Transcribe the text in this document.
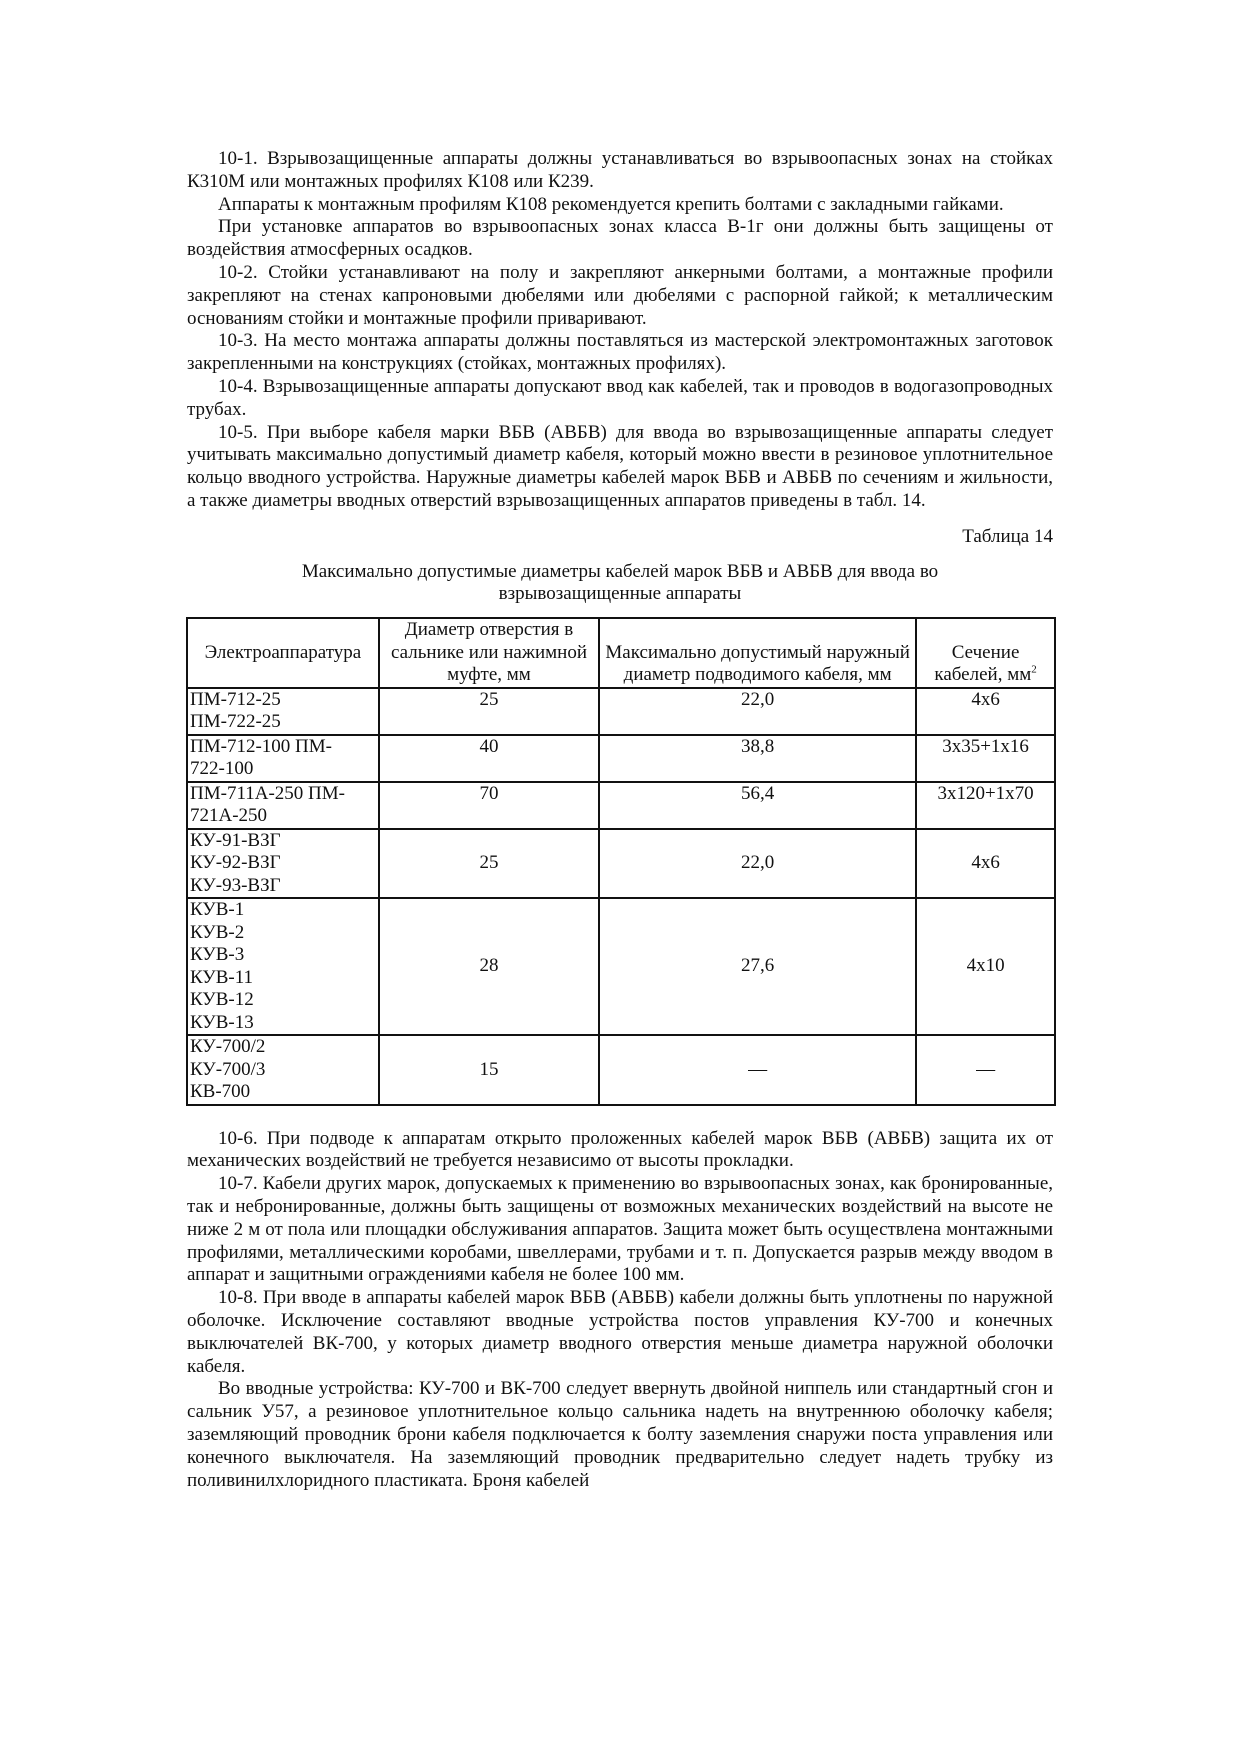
10-1. Взрывозащищенные аппараты должны устанавливаться во взрывоопасных зонах на стойках К310М или монтажных профилях К108 или К239.

Аппараты к монтажным профилям К108 рекомендуется крепить болтами с закладными гайками.

При установке аппаратов во взрывоопасных зонах класса В-1г они должны быть защищены от воздействия атмосферных осадков.

10-2. Стойки устанавливают на полу и закрепляют анкерными болтами, а монтажные профили закрепляют на стенах капроновыми дюбелями или дюбелями с распорной гайкой; к металлическим основаниям стойки и монтажные профили приваривают.

10-3. На место монтажа аппараты должны поставляться из мастерской электромонтажных заготовок закрепленными на конструкциях (стойках, монтажных профилях).

10-4. Взрывозащищенные аппараты допускают ввод как кабелей, так и проводов в водогазопроводных трубах.

10-5. При выборе кабеля марки ВБВ (АВБВ) для ввода во взрывозащищенные аппараты следует учитывать максимально допустимый диаметр кабеля, который можно ввести в резиновое уплотнительное кольцо вводного устройства. Наружные диаметры кабелей марок ВБВ и АВБВ по сечениям и жильности, а также диаметры вводных отверстий взрывозащищенных аппаратов приведены в табл. 14.

Таблица 14

Максимально допустимые диаметры кабелей марок ВБВ и АВБВ для ввода во взрывозащищенные аппараты

Электроаппаратура	Диаметр отверстия в сальнике или нажимной муфте, мм	Максимально допустимый наружный диаметр подводимого кабеля, мм	Сечение кабелей, $мм^2$

ПМ-712-25
ПМ-722-25	25	22,0	4х6

ПМ-712-100 ПМ-
722-100	40	38,8	3х35+1х16

ПМ-711А-250 ПМ-
721А-250	70	56,4	3х120+1х70

КУ-91-ВЗГ
КУ-92-ВЗГ
КУ-93-ВЗГ	25	22,0	4х6

КУВ-1
КУВ-2
КУВ-3
КУВ-11
КУВ-12
КУВ-13
	28	27,6	4х10

КУ-700/2
КУ-700/3
КВ-700	15	—	—

10-6. При подводе к аппаратам открыто проложенных кабелей марок ВБВ (АВБВ) защита их от механических воздействий не требуется независимо от высоты прокладки.

10-7. Кабели других марок, допускаемых к применению во взрывоопасных зонах, как бронированные, так и небронированные, должны быть защищены от возможных механических воздействий на высоте не ниже 2 м от пола или площадки обслуживания аппаратов. Защита может быть осуществлена монтажными профилями, металлическими коробами, швеллерами, трубами и т. п. Допускается разрыв между вводом в аппарат и защитными ограждениями кабеля не более 100 мм.

10-8. При вводе в аппараты кабелей марок ВБВ (АВБВ) кабели должны быть уплотнены по наружной оболочке. Исключение составляют вводные устройства постов управления КУ-700 и конечных выключателей ВК-700, у которых диаметр вводного отверстия меньше диаметра наружной оболочки кабеля.

Во вводные устройства: КУ-700 и ВК-700 следует ввернуть двойной ниппель или стандартный сгон и сальник У57, а резиновое уплотнительное кольцо сальника надеть на внутреннюю оболочку кабеля; заземляющий проводник брони кабеля подключается к болту заземления снаружи поста управления или конечного выключателя. На заземляющий проводник предварительно следует надеть трубку из поливинилхлоридного пластиката. Броня кабелей
